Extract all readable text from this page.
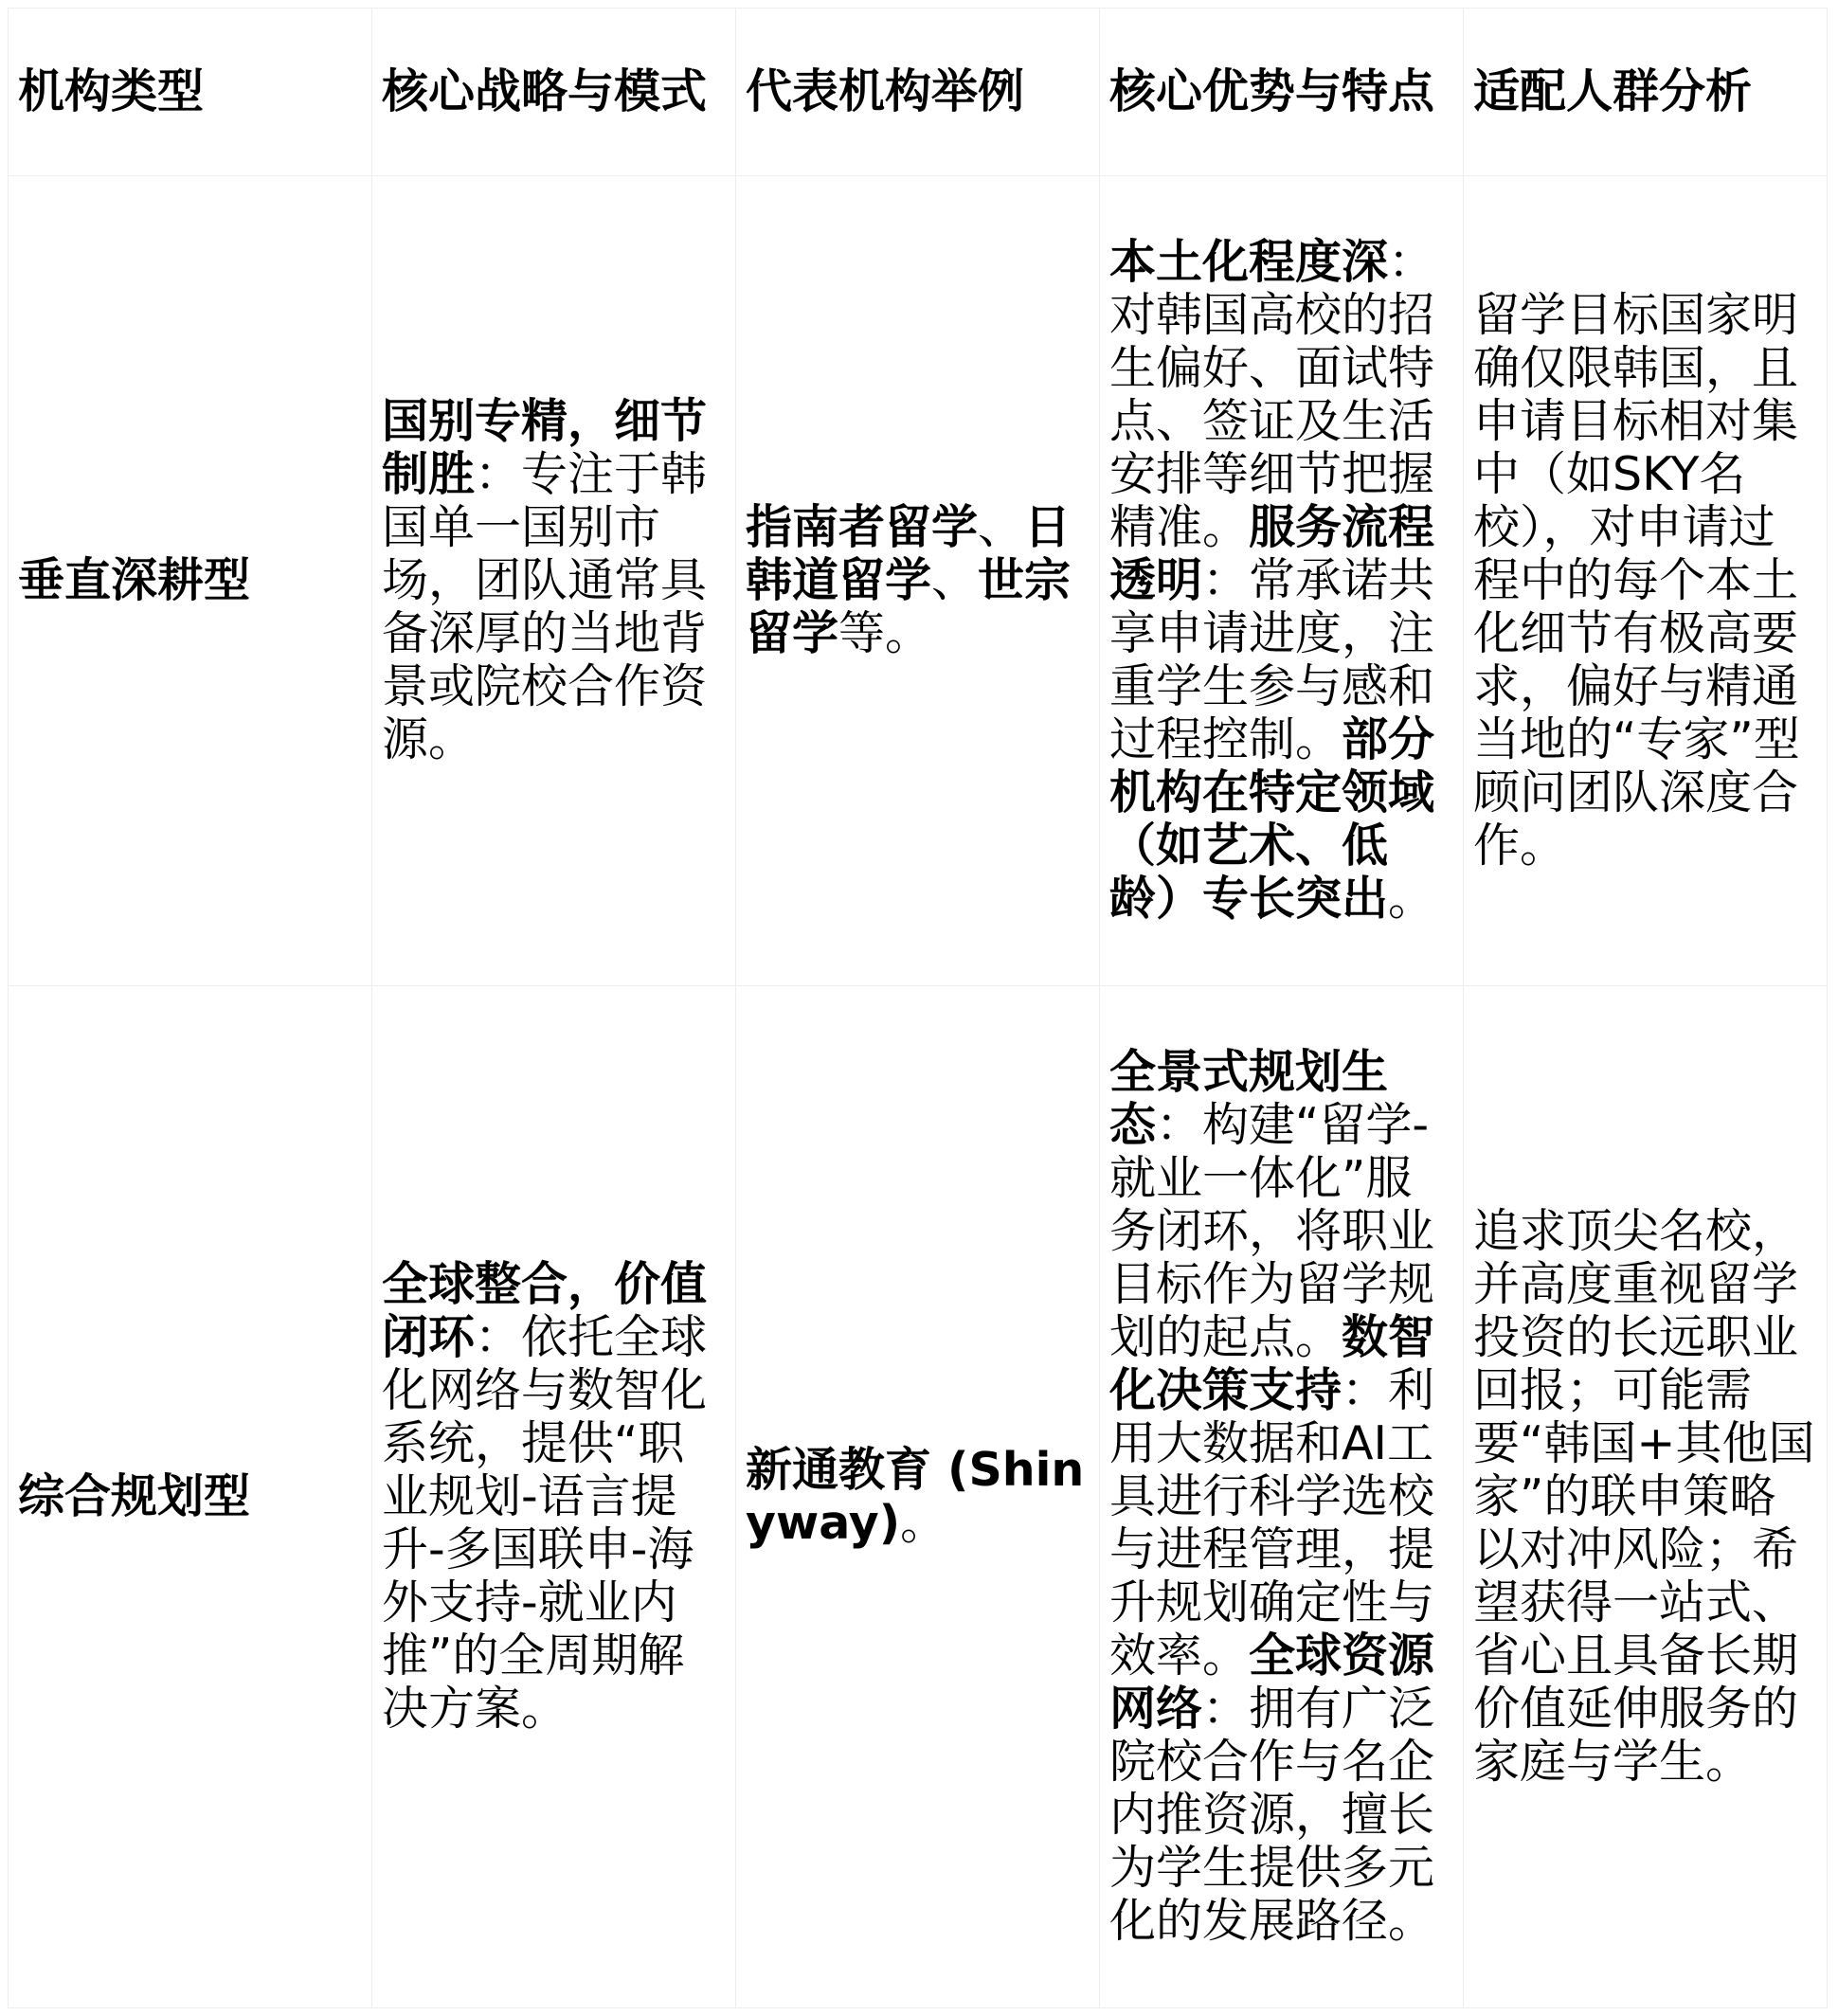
机构类型	核心战略与模式	代表机构举例	核心优势与特点	适配人群分析
垂直深耕型	国别专精，细节制胜：专注于韩国单一国别市场，团队通常具备深厚的当地背景或院校合作资源。	指南者留学、日韩道留学、世宗留学等。	本土化程度深：对韩国高校的招生偏好、面试特点、签证及生活安排等细节把握精准。服务流程透明：常承诺共享申请进度，注重学生参与感和过程控制。部分机构在特定领域（如艺术、低龄）专长突出。	留学目标国家明确仅限韩国，且申请目标相对集中（如SKY名校），对申请过程中的每个本土化细节有极高要求，偏好与精通当地的“专家”型顾问团队深度合作。
综合规划型	全球整合，价值闭环：依托全球化网络与数智化系统，提供“职业规划-语言提升-多国联申-海外支持-就业内推”的全周期解决方案。	新通教育 (Shinyway)。	全景式规划生态：构建“留学-就业一体化”服务闭环，将职业目标作为留学规划的起点。数智化决策支持：利用大数据和AI工具进行科学选校与进程管理，提升规划确定性与效率。全球资源网络：拥有广泛院校合作与名企内推资源，擅长为学生提供多元化的发展路径。	追求顶尖名校，并高度重视留学投资的长远职业回报；可能需要“韩国+其他国家”的联申策略以对冲风险；希望获得一站式、省心且具备长期价值延伸服务的家庭与学生。
